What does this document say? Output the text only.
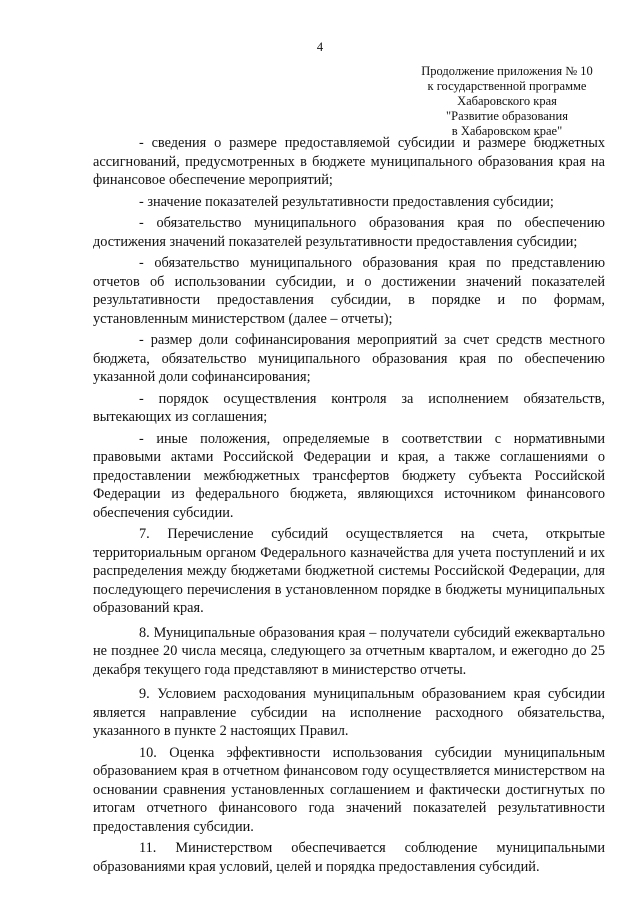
4
Продолжение приложения № 10
к государственной программе
Хабаровского края
"Развитие образования
в Хабаровском крае"

- сведения о размере предоставляемой субсидии и размере бюджетных ассигнований, предусмотренных в бюджете муниципального образования края на финансовое обеспечение мероприятий;

- значение показателей результативности предоставления субсидии;

- обязательство муниципального образования края по обеспечению достижения значений показателей результативности предоставления субсидии;

- обязательство муниципального образования края по представлению отчетов об использовании субсидии, и о достижении значений показателей результативности предоставления субсидии, в порядке и по формам, установленным министерством (далее – отчеты);

- размер доли софинансирования мероприятий за счет средств местного бюджета, обязательство муниципального образования края по обеспечению указанной доли софинансирования;

- порядок осуществления контроля за исполнением обязательств, вытекающих из соглашения;

- иные положения, определяемые в соответствии с нормативными правовыми актами Российской Федерации и края, а также соглашениями о предоставлении межбюджетных трансфертов бюджету субъекта Российской Федерации из федерального бюджета, являющихся источником финансового обеспечения субсидии.

7. Перечисление субсидий осуществляется на счета, открытые территориальным органом Федерального казначейства для учета поступлений и их распределения между бюджетами бюджетной системы Российской Федерации, для последующего перечисления в установленном порядке в бюджеты муниципальных образований края.

8. Муниципальные образования края – получатели субсидий ежеквартально не позднее 20 числа месяца, следующего за отчетным кварталом, и ежегодно до 25 декабря текущего года представляют в министерство отчеты.

9. Условием расходования муниципальным образованием края субсидии является направление субсидии на исполнение расходного обязательства, указанного в пункте 2 настоящих Правил.

10. Оценка эффективности использования субсидии муниципальным образованием края в отчетном финансовом году осуществляется министерством на основании сравнения установленных соглашением и фактически достигнутых по итогам отчетного финансового года значений показателей результативности предоставления субсидии.

11. Министерством обеспечивается соблюдение муниципальными образованиями края условий, целей и порядка предоставления субсидий.
